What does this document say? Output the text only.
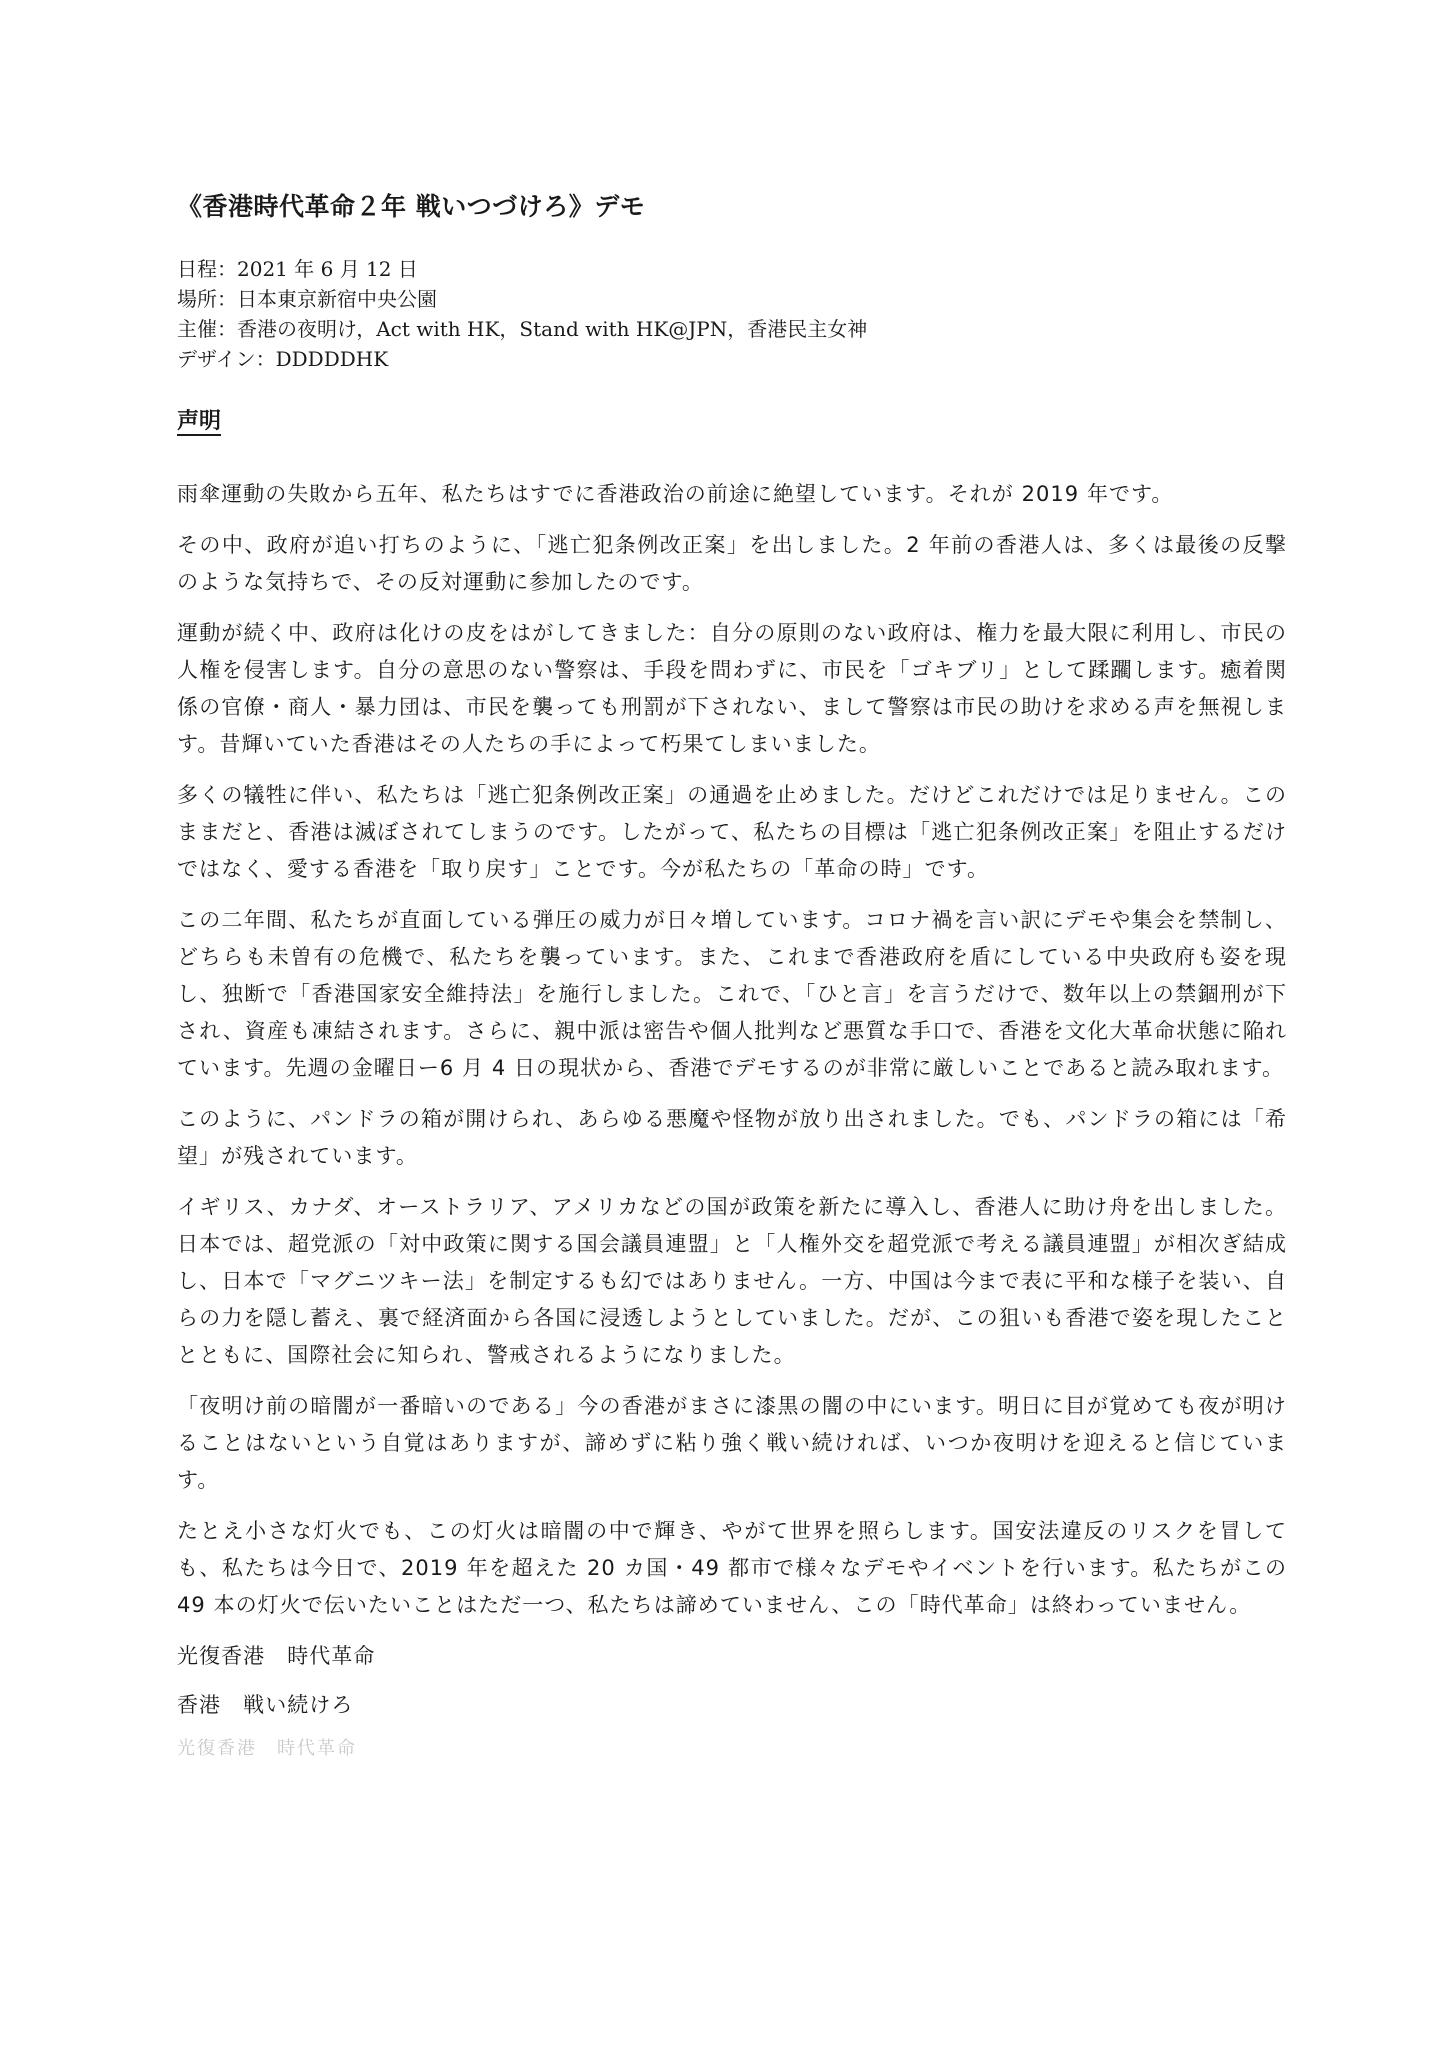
《香港時代革命２年 戦いつづけろ》デモ

日程：2021 年 6 月 12 日

場所：日本東京新宿中央公園

主催：香港の夜明け，Act with HK，Stand with HK@JPN，香港民主女神

デザイン：DDDDDHK

声明

雨傘運動の失敗から五年、私たちはすでに香港政治の前途に絶望しています。それが 2019 年です。

その中、政府が追い打ちのように、「逃亡犯条例改正案」を出しました。2 年前の香港人は、多くは最後の反撃のような気持ちで、その反対運動に参加したのです。

運動が続く中、政府は化けの皮をはがしてきました：自分の原則のない政府は、権力を最大限に利用し、市民の人権を侵害します。自分の意思のない警察は、手段を問わずに、市民を「ゴキブリ」として蹂躙します。癒着関係の官僚・商人・暴力団は、市民を襲っても刑罰が下されない、まして警察は市民の助けを求める声を無視します。昔輝いていた香港はその人たちの手によって朽果てしまいました。

多くの犠牲に伴い、私たちは「逃亡犯条例改正案」の通過を止めました。だけどこれだけでは足りません。このままだと、香港は滅ぼされてしまうのです。したがって、私たちの目標は「逃亡犯条例改正案」を阻止するだけではなく、愛する香港を「取り戻す」ことです。今が私たちの「革命の時」です。

この二年間、私たちが直面している弾圧の威力が日々増しています。コロナ禍を言い訳にデモや集会を禁制し、どちらも未曽有の危機で、私たちを襲っています。また、これまで香港政府を盾にしている中央政府も姿を現し、独断で「香港国家安全維持法」を施行しました。これで、「ひと言」を言うだけで、数年以上の禁錮刑が下され、資産も凍結されます。さらに、親中派は密告や個人批判など悪質な手口で、香港を文化大革命状態に陥れています。先週の金曜日ー6 月 4 日の現状から、香港でデモするのが非常に厳しいことであると読み取れます。

このように、パンドラの箱が開けられ、あらゆる悪魔や怪物が放り出されました。でも、パンドラの箱には「希望」が残されています。

イギリス、カナダ、オーストラリア、アメリカなどの国が政策を新たに導入し、香港人に助け舟を出しました。日本では、超党派の「対中政策に関する国会議員連盟」と「人権外交を超党派で考える議員連盟」が相次ぎ結成し、日本で「マグニツキー法」を制定するも幻ではありません。一方、中国は今まで表に平和な様子を装い、自らの力を隠し蓄え、裏で経済面から各国に浸透しようとしていました。だが、この狙いも香港で姿を現したこととともに、国際社会に知られ、警戒されるようになりました。

「夜明け前の暗闇が一番暗いのである」今の香港がまさに漆黒の闇の中にいます。明日に目が覚めても夜が明けることはないという自覚はありますが、諦めずに粘り強く戦い続ければ、いつか夜明けを迎えると信じています。

たとえ小さな灯火でも、この灯火は暗闇の中で輝き、やがて世界を照らします。国安法違反のリスクを冒しても、私たちは今日で、2019 年を超えた 20 カ国・49 都市で様々なデモやイベントを行います。私たちがこの 49 本の灯火で伝いたいことはただ一つ、私たちは諦めていません、この「時代革命」は終わっていません。

光復香港　時代革命

香港　戦い続けろ

光復香港　時代革命
